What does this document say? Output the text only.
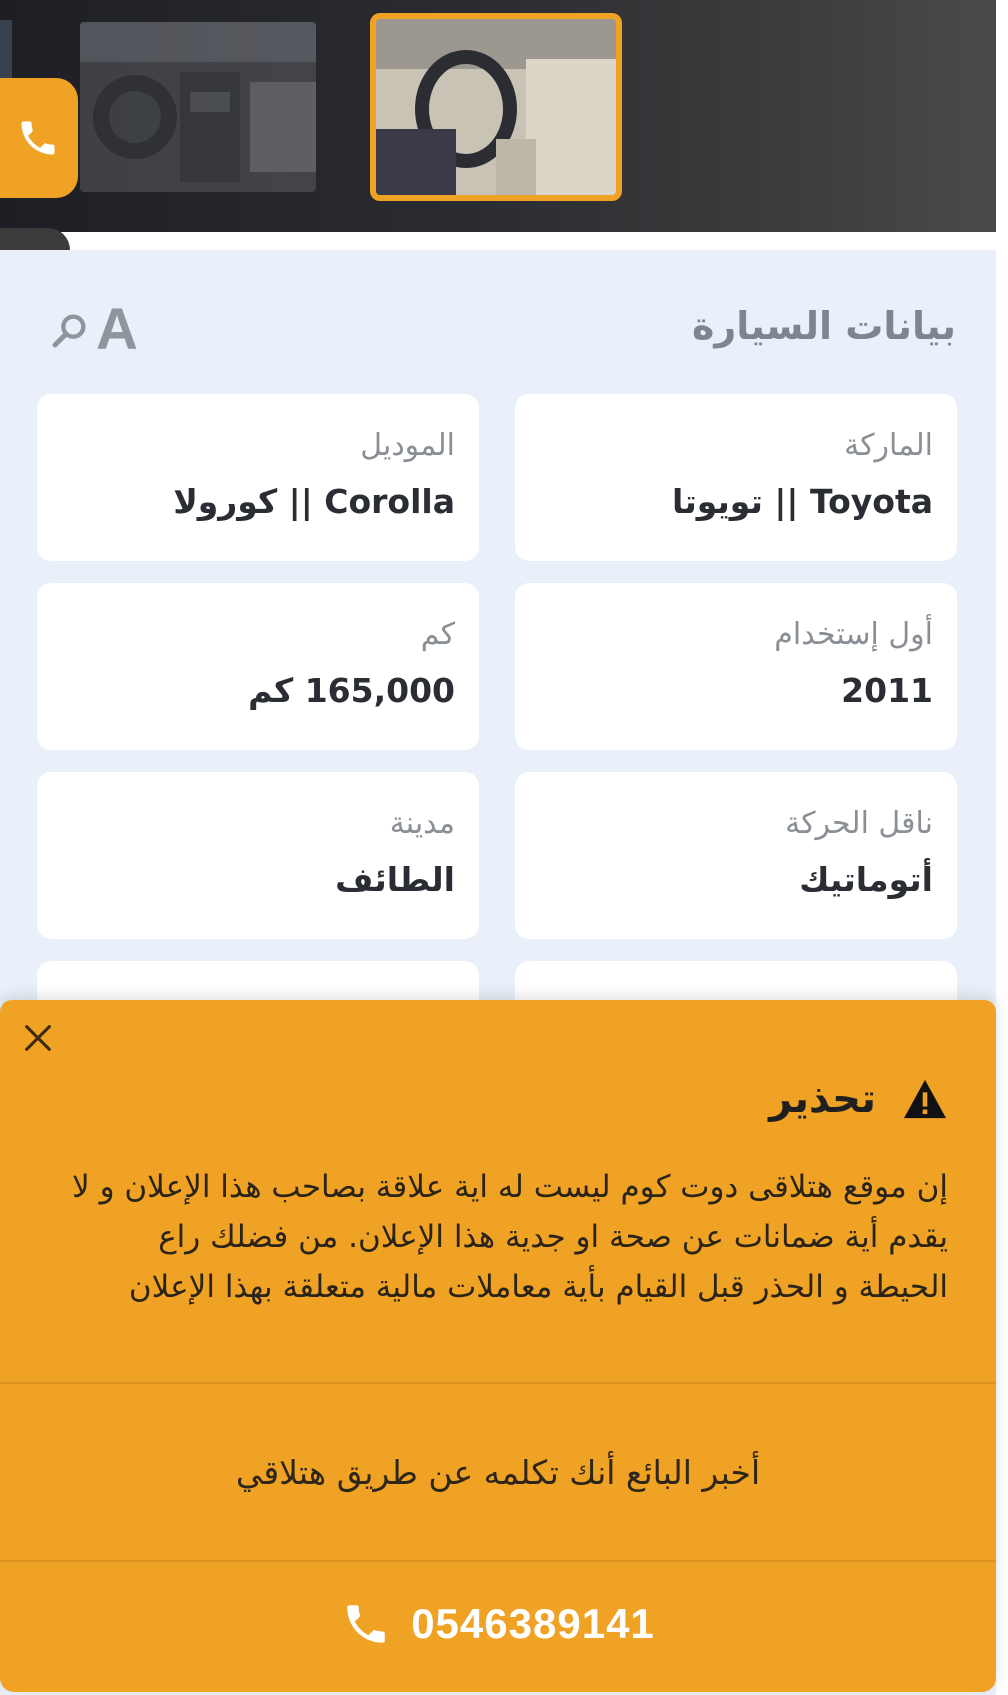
بيانات السيارة
A
الماركة
Toyota || تويوتا
الموديل
Corolla || كورولا
أول إستخدام
2011
كم
165,000 كم
ناقل الحركة
أتوماتيك
مدينة
الطائف
تحذير
إن موقع هتلاقى دوت كوم ليست له اية علاقة بصاحب هذا الإعلان و لا يقدم أية ضمانات عن صحة او جدية هذا الإعلان. من فضلك راع الحيطة و الحذر قبل القيام بأية معاملات مالية متعلقة بهذا الإعلان
أخبر البائع أنك تكلمه عن طريق هتلاقي
0546389141
